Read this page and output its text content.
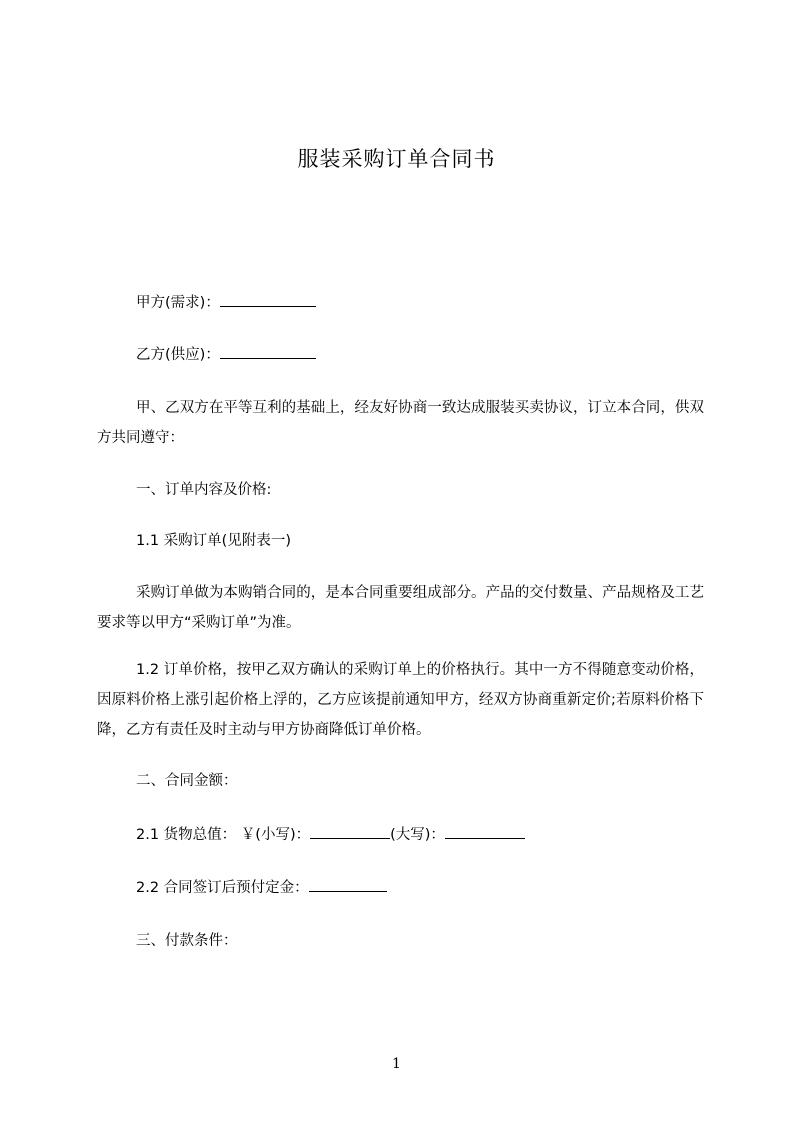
服装采购订单合同书
甲方(需求)：
乙方(供应)：
甲、乙双方在平等互利的基础上，经友好协商一致达成服装买卖协议，订立本合同，供双方共同遵守：
一、订单内容及价格:
1.1 采购订单(见附表一)
采购订单做为本购销合同的，是本合同重要组成部分。产品的交付数量、产品规格及工艺要求等以甲方“采购订单”为准。
1.2 订单价格，按甲乙双方确认的采购订单上的价格执行。其中一方不得随意变动价格，因原料价格上涨引起价格上浮的，乙方应该提前通知甲方，经双方协商重新定价;若原料价格下降，乙方有责任及时主动与甲方协商降低订单价格。
二、合同金额：
2.1 货物总值： ￥(小写)：	(大写)：
2.2 合同签订后预付定金：
三、付款条件：
1
